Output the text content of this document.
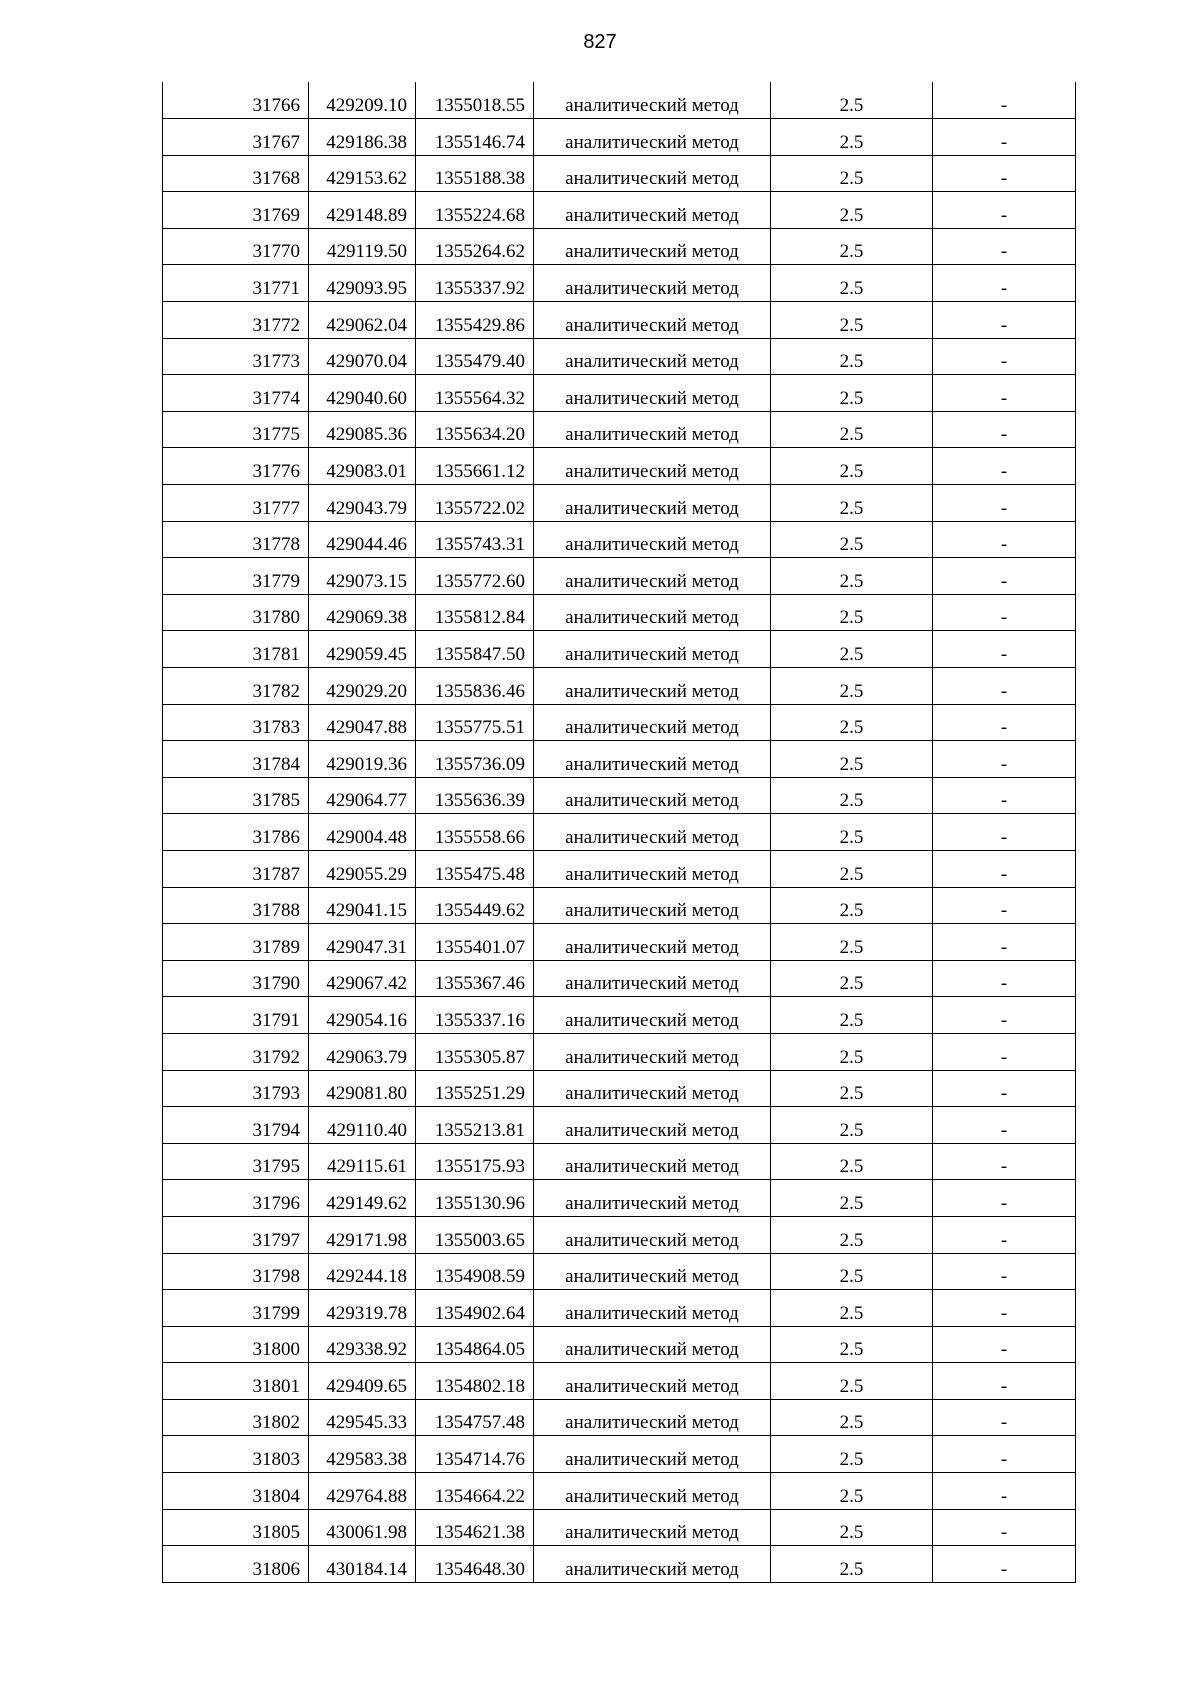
827
31766	429209.10	1355018.55	аналитический метод	2.5	-
31767	429186.38	1355146.74	аналитический метод	2.5	-
31768	429153.62	1355188.38	аналитический метод	2.5	-
31769	429148.89	1355224.68	аналитический метод	2.5	-
31770	429119.50	1355264.62	аналитический метод	2.5	-
31771	429093.95	1355337.92	аналитический метод	2.5	-
31772	429062.04	1355429.86	аналитический метод	2.5	-
31773	429070.04	1355479.40	аналитический метод	2.5	-
31774	429040.60	1355564.32	аналитический метод	2.5	-
31775	429085.36	1355634.20	аналитический метод	2.5	-
31776	429083.01	1355661.12	аналитический метод	2.5	-
31777	429043.79	1355722.02	аналитический метод	2.5	-
31778	429044.46	1355743.31	аналитический метод	2.5	-
31779	429073.15	1355772.60	аналитический метод	2.5	-
31780	429069.38	1355812.84	аналитический метод	2.5	-
31781	429059.45	1355847.50	аналитический метод	2.5	-
31782	429029.20	1355836.46	аналитический метод	2.5	-
31783	429047.88	1355775.51	аналитический метод	2.5	-
31784	429019.36	1355736.09	аналитический метод	2.5	-
31785	429064.77	1355636.39	аналитический метод	2.5	-
31786	429004.48	1355558.66	аналитический метод	2.5	-
31787	429055.29	1355475.48	аналитический метод	2.5	-
31788	429041.15	1355449.62	аналитический метод	2.5	-
31789	429047.31	1355401.07	аналитический метод	2.5	-
31790	429067.42	1355367.46	аналитический метод	2.5	-
31791	429054.16	1355337.16	аналитический метод	2.5	-
31792	429063.79	1355305.87	аналитический метод	2.5	-
31793	429081.80	1355251.29	аналитический метод	2.5	-
31794	429110.40	1355213.81	аналитический метод	2.5	-
31795	429115.61	1355175.93	аналитический метод	2.5	-
31796	429149.62	1355130.96	аналитический метод	2.5	-
31797	429171.98	1355003.65	аналитический метод	2.5	-
31798	429244.18	1354908.59	аналитический метод	2.5	-
31799	429319.78	1354902.64	аналитический метод	2.5	-
31800	429338.92	1354864.05	аналитический метод	2.5	-
31801	429409.65	1354802.18	аналитический метод	2.5	-
31802	429545.33	1354757.48	аналитический метод	2.5	-
31803	429583.38	1354714.76	аналитический метод	2.5	-
31804	429764.88	1354664.22	аналитический метод	2.5	-
31805	430061.98	1354621.38	аналитический метод	2.5	-
31806	430184.14	1354648.30	аналитический метод	2.5	-
